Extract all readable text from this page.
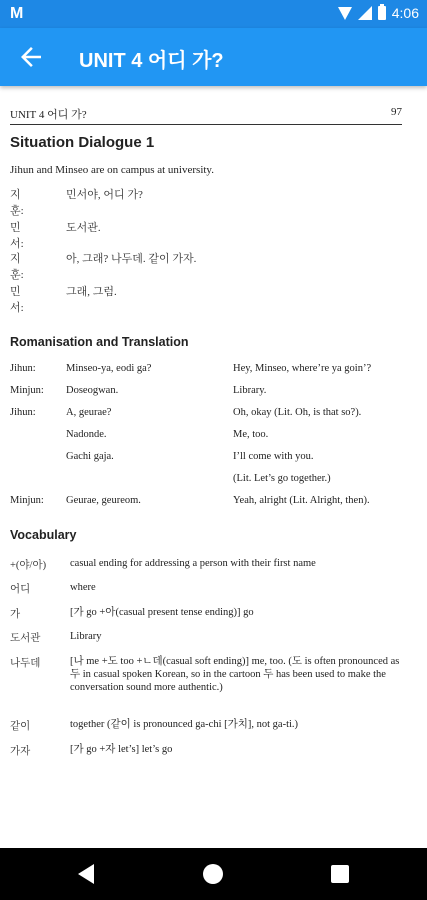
M	4:06
UNIT 4 어디 가?
UNIT 4 어디 가?	97
Situation Dialogue 1
Jihun and Minseo are on campus at university.
지훈:
민서야, 어디 가?
민서:
도서관.
지훈:
아, 그래? 나두데. 같이 가자.
민서:
그래, 그럼.
Romanisation and Translation
Jihun:	Minseo-ya, eodi ga?	Hey, Minseo, where’re ya goin’?
Minjun: Doseogwan.	Library.
Jihun:	A, geurae?	Oh, okay (Lit. Oh, is that so?).
Nadonde.	Me, too.
Gachi gaja.	I’ll come with you.
(Lit. Let’s go together.)
Minjun: Geurae, geureom.	Yeah, alright (Lit. Alright, then).
Vocabulary
+(야/아) casual ending for addressing a person with their first name
어디	where
가	[가 go +아(casual present tense ending)] go
도서관	Library
나두데	[나 me +도 too +ㄴ데(casual soft ending)] me, too. (도 is often pronounced as 두 in casual spoken Korean, so in the cartoon 두 has been used to make the conversation sound more authentic.)
같이	together (같이 is pronounced ga-chi [가치], not ga-ti.)
가자	[가 go +자 let’s] let’s go
